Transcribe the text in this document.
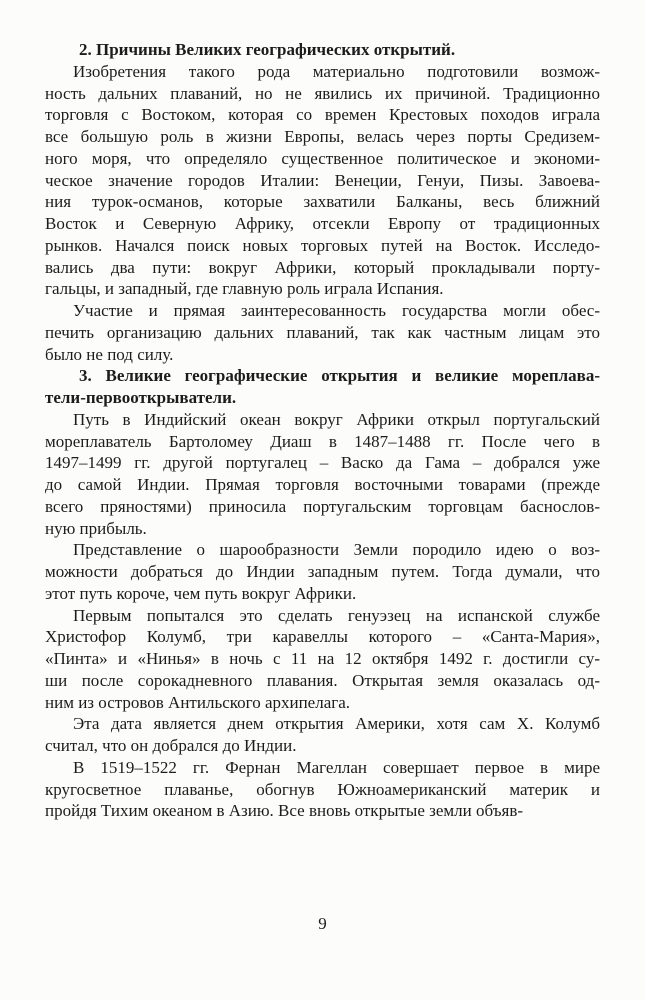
2. Причины Великих географических открытий.
Изобретения такого рода материально подготовили возмож-
ность дальних плаваний, но не явились их причиной. Традиционно
торговля с Востоком, которая со времен Крестовых походов играла
все большую роль в жизни Европы, велась через порты Средизем-
ного моря, что определяло существенное политическое и экономи-
ческое значение городов Италии: Венеции, Генуи, Пизы. Завоева-
ния турок-османов, которые захватили Балканы, весь ближний
Восток и Северную Африку, отсекли Европу от традиционных
рынков. Начался поиск новых торговых путей на Восток. Исследо-
вались два пути: вокруг Африки, который прокладывали порту-
гальцы, и западный, где главную роль играла Испания.
Участие и прямая заинтересованность государства могли обес-
печить организацию дальних плаваний, так как частным лицам это
было не под силу.
3. Великие географические открытия и великие мореплава-
тели-первооткрыватели.
Путь в Индийский океан вокруг Африки открыл португальский
мореплаватель Бартоломеу Диаш в 1487–1488 гг. После чего в
1497–1499 гг. другой португалец – Васко да Гама – добрался уже
до самой Индии. Прямая торговля восточными товарами (прежде
всего пряностями) приносила португальским торговцам баснослов-
ную прибыль.
Представление о шарообразности Земли породило идею о воз-
можности добраться до Индии западным путем. Тогда думали, что
этот путь короче, чем путь вокруг Африки.
Первым попытался это сделать генуэзец на испанской службе
Христофор Колумб, три каравеллы которого – «Санта-Мария»,
«Пинта» и «Нинья» в ночь с 11 на 12 октября 1492 г. достигли су-
ши после сорокадневного плавания. Открытая земля оказалась од-
ним из островов Антильского архипелага.
Эта дата является днем открытия Америки, хотя сам Х. Колумб
считал, что он добрался до Индии.
В 1519–1522 гг. Фернан Магеллан совершает первое в мире
кругосветное плаванье, обогнув Южноамериканский материк и
пройдя Тихим океаном в Азию. Все вновь открытые земли объяв-
9
